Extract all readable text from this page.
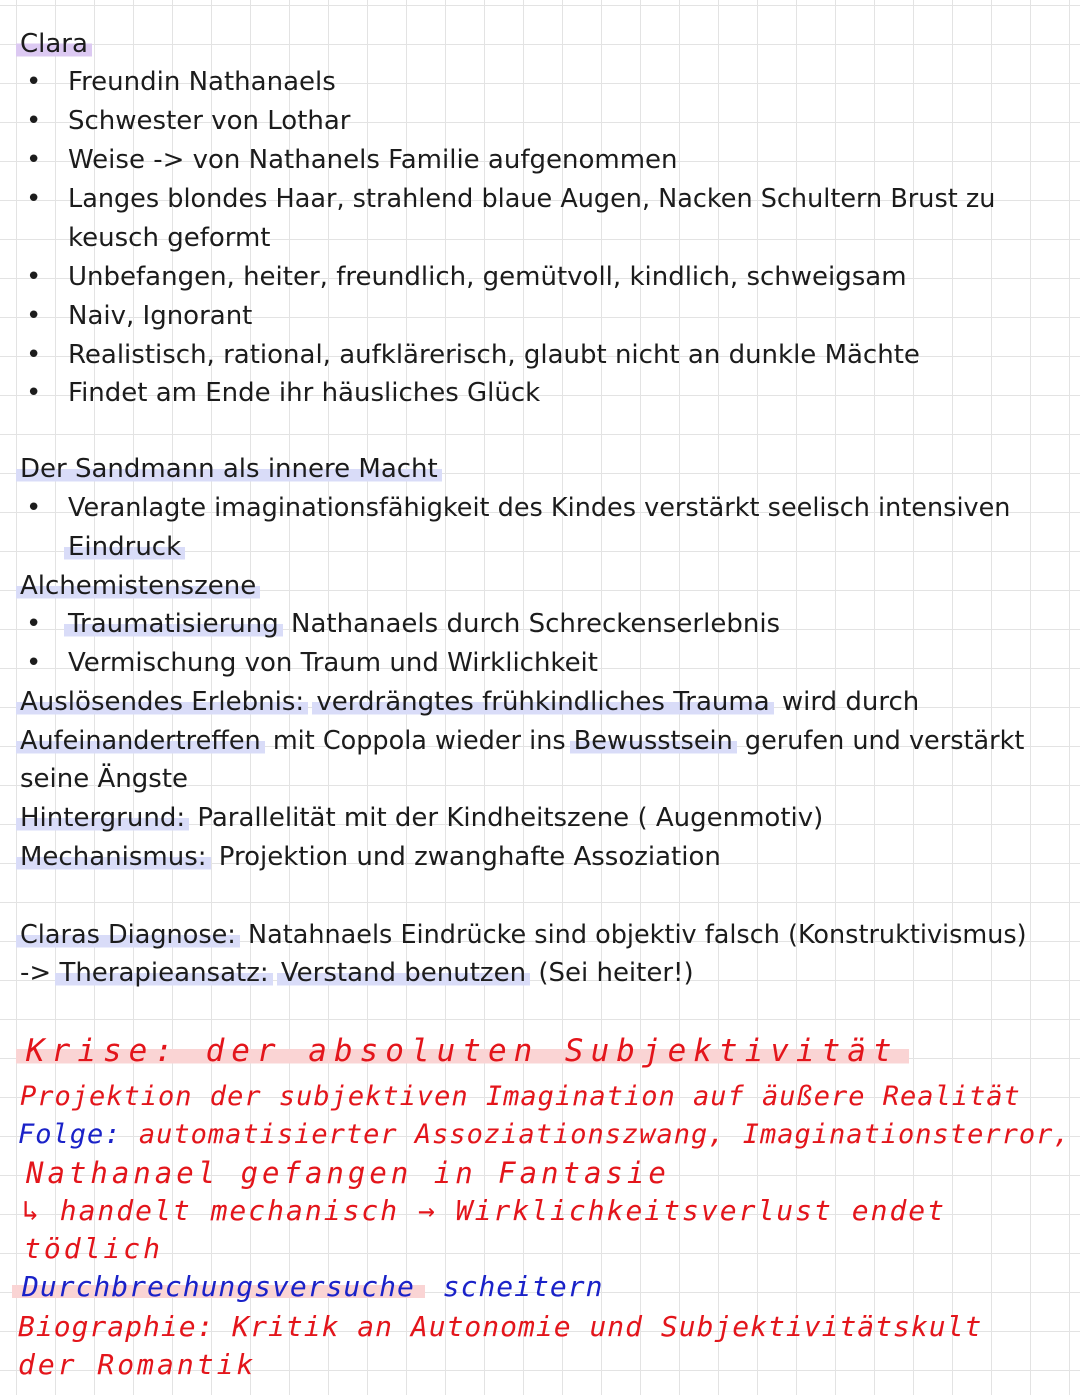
Clara
• Freundin Nathanaels
• Schwester von Lothar
• Weise -> von Nathanels Familie aufgenommen
• Langes blondes Haar, strahlend blaue Augen, Nacken Schultern Brust zu
keusch geformt
• Unbefangen, heiter, freundlich, gemütvoll, kindlich, schweigsam
• Naiv, Ignorant
• Realistisch, rational, aufklärerisch, glaubt nicht an dunkle Mächte
• Findet am Ende ihr häusliches Glück
Der Sandmann als innere Macht
• Veranlagte imaginationsfähigkeit des Kindes verstärkt seelisch intensiven
Eindruck
Alchemistenszene
• Traumatisierung Nathanaels durch Schreckenserlebnis
• Vermischung von Traum und Wirklichkeit
Auslösendes Erlebnis: verdrängtes frühkindliches Trauma wird durch
Aufeinandertreffen mit Coppola wieder ins Bewusstsein gerufen und verstärkt
seine Ängste
Hintergrund: Parallelität mit der Kindheitszene ( Augenmotiv)
Mechanismus: Projektion und zwanghafte Assoziation
Claras Diagnose: Natahnaels Eindrücke sind objektiv falsch (Konstruktivismus)
-> Therapieansatz: Verstand benutzen (Sei heiter!)
Krise: der absoluten Subjektivität
Projektion der subjektiven Imagination auf äußere Realität
Folge: automatisierter Assoziationszwang, Imaginationsterror,
Nathanael gefangen in Fantasie
↳ handelt mechanisch → Wirklichkeitsverlust endet
tödlich
Durchbrechungsversuche scheitern
Biographie: Kritik an Autonomie und Subjektivitätskult
der Romantik
